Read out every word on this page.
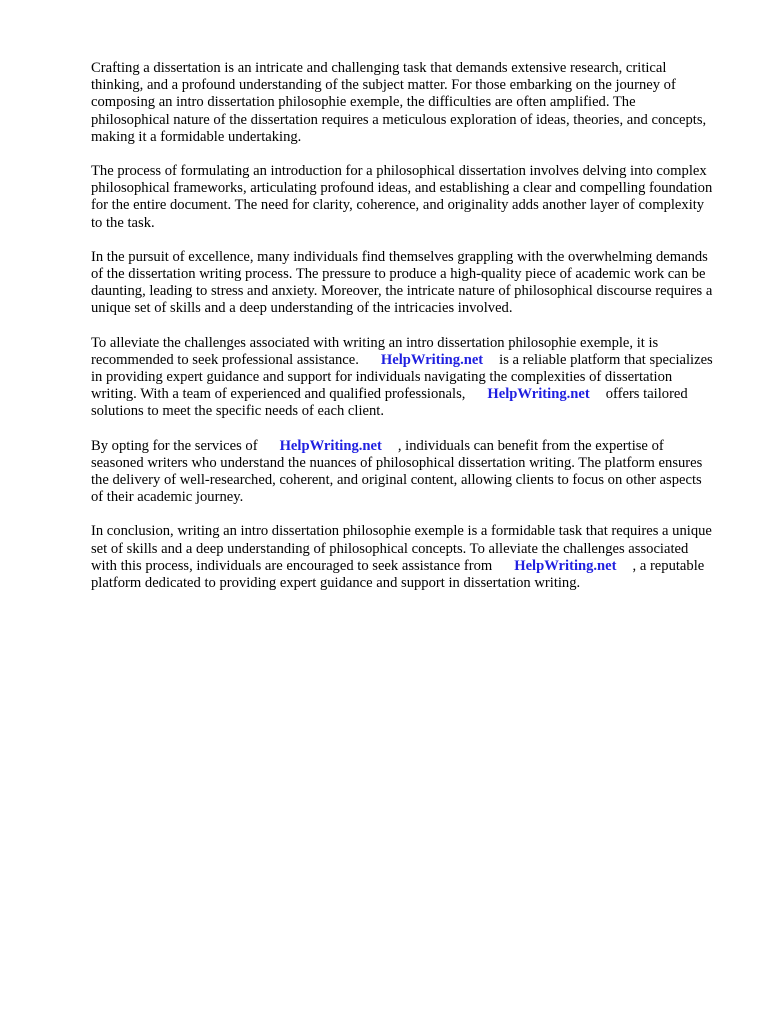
Crafting a dissertation is an intricate and challenging task that demands extensive research, critical thinking, and a profound understanding of the subject matter. For those embarking on the journey of composing an intro dissertation philosophie exemple, the difficulties are often amplified. The philosophical nature of the dissertation requires a meticulous exploration of ideas, theories, and concepts, making it a formidable undertaking.

The process of formulating an introduction for a philosophical dissertation involves delving into complex philosophical frameworks, articulating profound ideas, and establishing a clear and compelling foundation for the entire document. The need for clarity, coherence, and originality adds another layer of complexity to the task.

In the pursuit of excellence, many individuals find themselves grappling with the overwhelming demands of the dissertation writing process. The pressure to produce a high-quality piece of academic work can be daunting, leading to stress and anxiety. Moreover, the intricate nature of philosophical discourse requires a unique set of skills and a deep understanding of the intricacies involved.

To alleviate the challenges associated with writing an intro dissertation philosophie exemple, it is recommended to seek professional assistance. HelpWriting.net is a reliable platform that specializes in providing expert guidance and support for individuals navigating the complexities of dissertation writing. With a team of experienced and qualified professionals, HelpWriting.net offers tailored solutions to meet the specific needs of each client.

By opting for the services of HelpWriting.net , individuals can benefit from the expertise of seasoned writers who understand the nuances of philosophical dissertation writing. The platform ensures the delivery of well-researched, coherent, and original content, allowing clients to focus on other aspects of their academic journey.

In conclusion, writing an intro dissertation philosophie exemple is a formidable task that requires a unique set of skills and a deep understanding of philosophical concepts. To alleviate the challenges associated with this process, individuals are encouraged to seek assistance from HelpWriting.net , a reputable platform dedicated to providing expert guidance and support in dissertation writing.
